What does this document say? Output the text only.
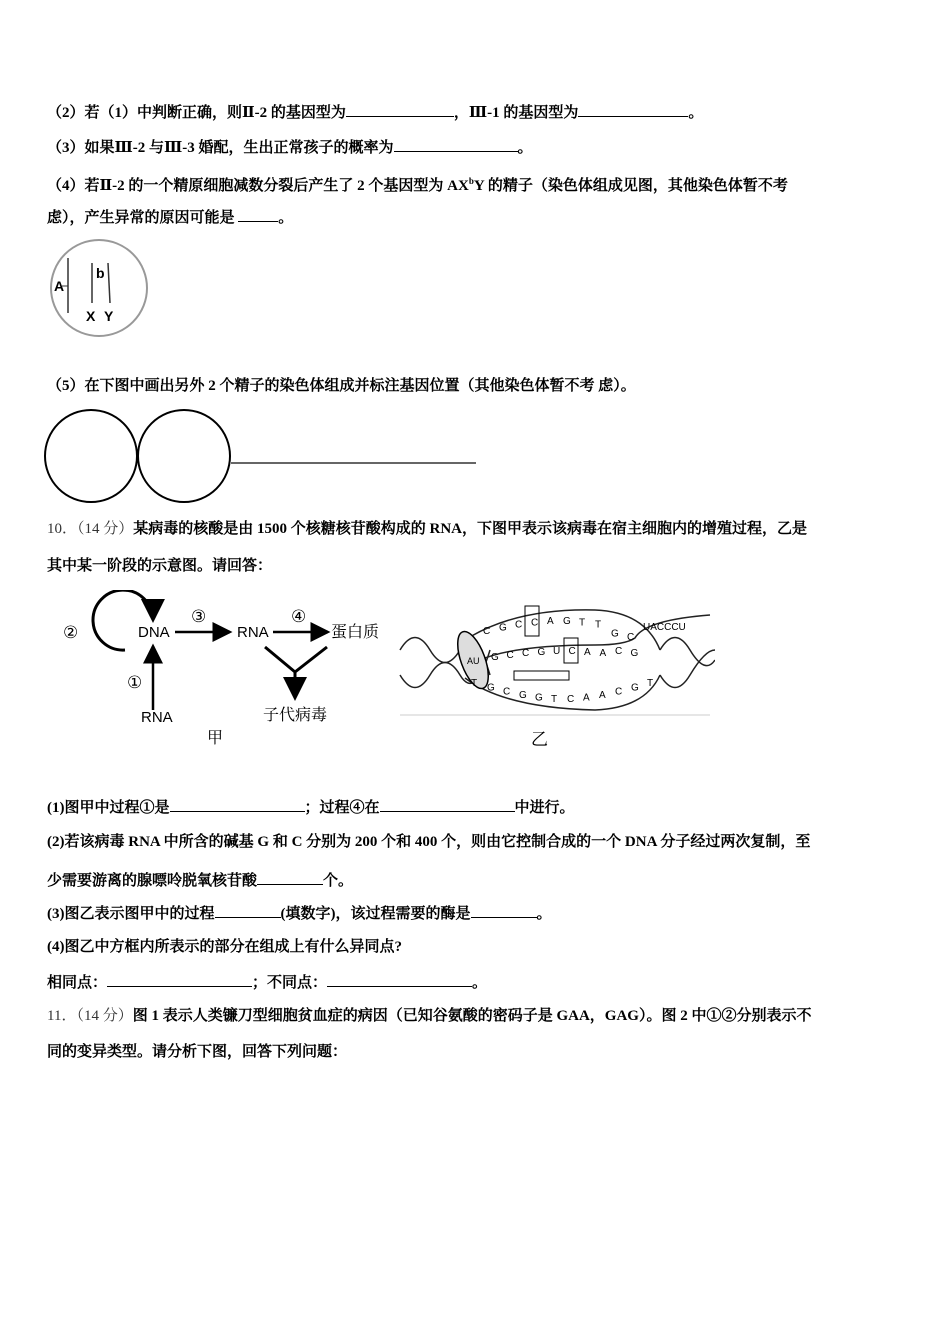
（2）若（1）中判断正确，则Ⅱ-2 的基因型为	，Ⅲ-1 的基因型为	。
（3）如果Ⅲ-2 与Ⅲ-3 婚配，生出正常孩子的概率为	。
（4）若Ⅱ-2 的一个精原细胞减数分裂后产生了 2 个基因型为 $AX^bY$ 的精子（染色体组成见图，其他染色体暂不考
虑），产生异常的原因可能是	。
A
b
X Y
（5）在下图中画出另外 2 个精子的染色体组成并标注基因位置（其他染色体暂不考 虑）。
10．（14 分）某病毒的核酸是由 1500 个核糖核苷酸构成的 RNA，下图甲表示该病毒在宿主细胞内的增殖过程，乙是
其中某一阶段的示意图。请回答：
②	DNA
③
RNA
④
蛋白质
子代病毒
①
RNA
甲
AU
C G C C A G T T
G C
G C C G U C A A C G
T G C G G T C A A C G T
UACCCU
乙
(1)图甲中过程①是	；过程④在	中进行。
(2)若该病毒 RNA 中所含的碱基 G 和 C 分别为 200 个和 400 个，则由它控制合成的一个 DNA 分子经过两次复制，至
少需要游离的腺嘌呤脱氧核苷酸	个。
(3)图乙表示图甲中的过程	(填数字)，该过程需要的酶是	。
(4)图乙中方框内所表示的部分在组成上有什么异同点?
相同点：	；不同点：	。
11．（14 分）图 1 表示人类镰刀型细胞贫血症的病因（已知谷氨酸的密码子是 GAA，GAG）。图 2 中①②分别表示不
同的变异类型。请分析下图，回答下列问题：
